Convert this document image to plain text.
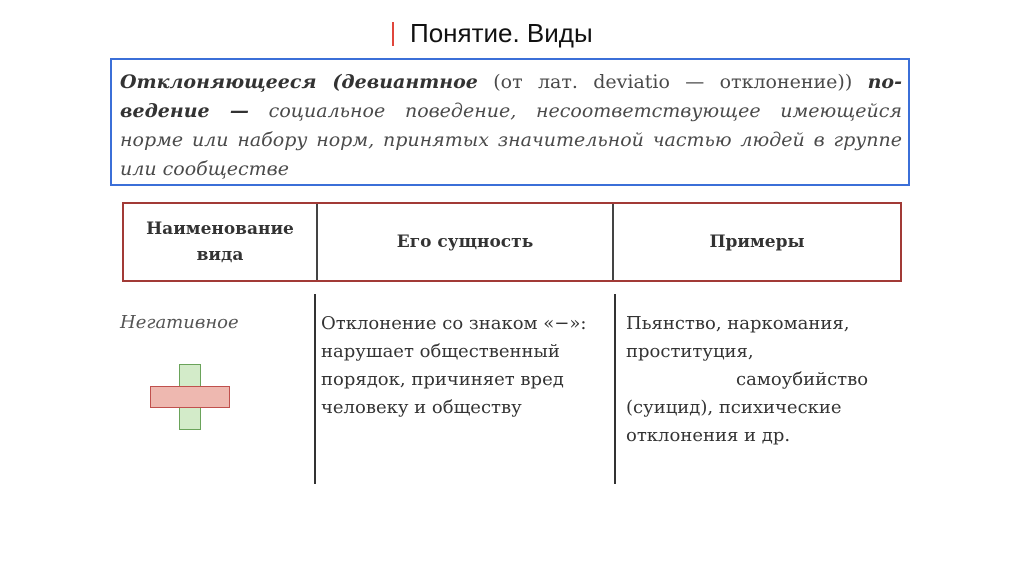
Понятие. Виды
Отклоняющееся (девиантное (от лат. deviatio — отклонение)) поведение — социальное поведение, несоответствующее имеющейся норме или набору норм, принятых значительной частью людей в группе или сообществе
Наименование вида
Его сущность	Примеры
Негативное	Отклонение со знаком «−»: нарушает общественный порядок, причиняет вред человеку и обществу
Пьянство, наркомания, проституция,
самоубийство
(суицид), психические отклонения и др.
